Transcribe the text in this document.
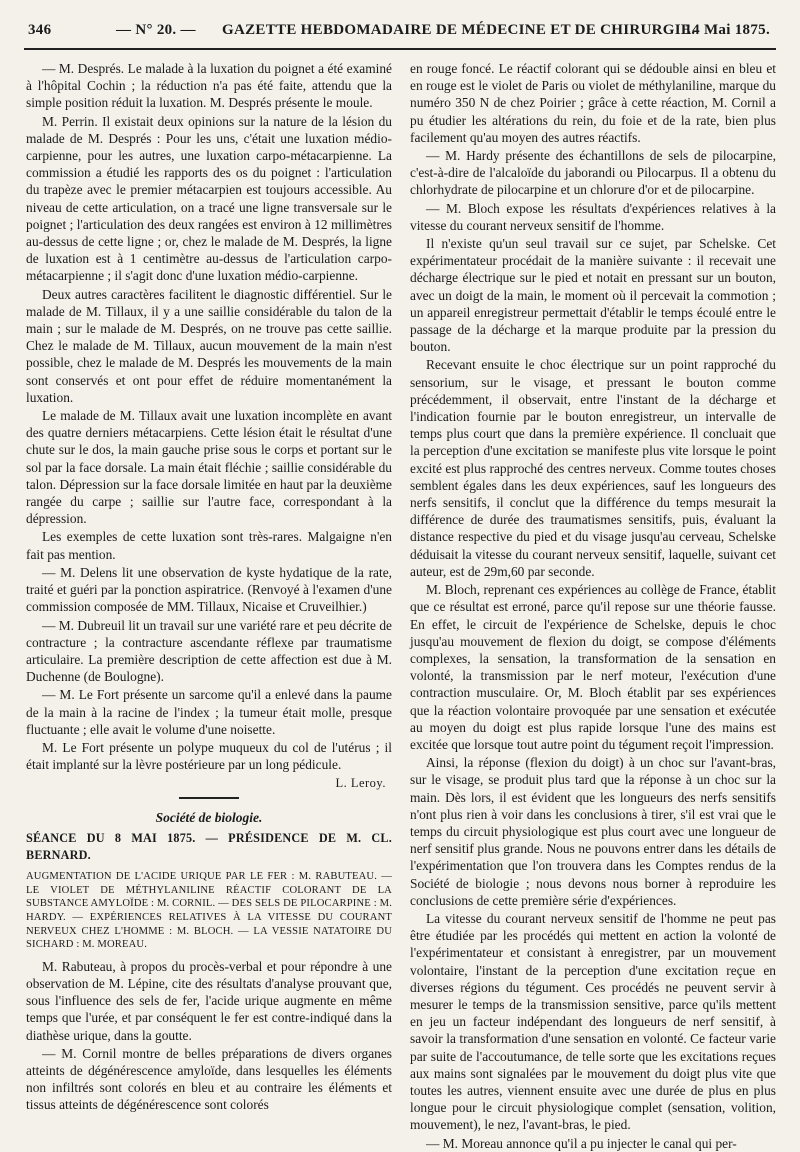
346	— N° 20. — GAZETTE HEBDOMADAIRE DE MÉDECINE ET DE CHIRURGIE.
14 Mai 1875.

— M. Després. Le malade à la luxation du poignet a été examiné à l'hôpital Cochin ; la réduction n'a pas été faite, attendu que la simple position réduit la luxation. M. Després présente le moule.

M. Perrin. Il existait deux opinions sur la nature de la lésion du malade de M. Després : Pour les uns, c'était une luxation médio-carpienne, pour les autres, une luxation carpo-métacarpienne. La commission a étudié les rapports des os du poignet : l'articulation du trapèze avec le premier métacarpien est toujours accessible. Au niveau de cette articulation, on a tracé une ligne transversale sur le poignet ; l'articulation des deux rangées est environ à 12 millimètres au-dessus de cette ligne ; or, chez le malade de M. Després, la ligne de luxation est à 1 centimètre au-dessus de l'articulation carpo-métacarpienne ; il s'agit donc d'une luxation médio-carpienne.

Deux autres caractères facilitent le diagnostic différentiel. Sur le malade de M. Tillaux, il y a une saillie considérable du talon de la main ; sur le malade de M. Després, on ne trouve pas cette saillie. Chez le malade de M. Tillaux, aucun mouvement de la main n'est possible, chez le malade de M. Després les mouvements de la main sont conservés et ont pour effet de réduire momentanément la luxation.

Le malade de M. Tillaux avait une luxation incomplète en avant des quatre derniers métacarpiens. Cette lésion était le résultat d'une chute sur le dos, la main gauche prise sous le corps et portant sur le sol par la face dorsale. La main était fléchie ; saillie considérable du talon. Dépression sur la face dorsale limitée en haut par la deuxième rangée du carpe ; saillie sur l'autre face, correspondant à la dépression.

Les exemples de cette luxation sont très-rares. Malgaigne n'en fait pas mention.

— M. Delens lit une observation de kyste hydatique de la rate, traité et guéri par la ponction aspiratrice. (Renvoyé à l'examen d'une commission composée de MM. Tillaux, Nicaise et Cruveilhier.)

— M. Dubreuil lit un travail sur une variété rare et peu décrite de contracture ; la contracture ascendante réflexe par traumatisme articulaire. La première description de cette affection est due à M. Duchenne (de Boulogne).

— M. Le Fort présente un sarcome qu'il a enlevé dans la paume de la main à la racine de l'index ; la tumeur était molle, presque fluctuante ; elle avait le volume d'une noisette.

M. Le Fort présente un polype muqueux du col de l'utérus ; il était implanté sur la lèvre postérieure par un long pédicule.

L. Leroy.

Société de biologie.

SÉANCE DU 8 MAI 1875. — PRÉSIDENCE DE M. CL. BERNARD.

AUGMENTATION DE L'ACIDE URIQUE PAR LE FER : M. RABUTEAU. — LE VIOLET DE MÉTHYLANILINE RÉACTIF COLORANT DE LA SUBSTANCE AMYLOÏDE : M. CORNIL. — DES SELS DE PILOCARPINE : M. HARDY. — EXPÉRIENCES RELATIVES À LA VITESSE DU COURANT NERVEUX CHEZ L'HOMME : M. BLOCH. — LA VESSIE NATATOIRE DU SICHARD : M. MOREAU.

M. Rabuteau, à propos du procès-verbal et pour répondre à une observation de M. Lépine, cite des résultats d'analyse prouvant que, sous l'influence des sels de fer, l'acide urique augmente en même temps que l'urée, et par conséquent le fer est contre-indiqué dans la diathèse urique, dans la goutte.

— M. Cornil montre de belles préparations de divers organes atteints de dégénérescence amyloïde, dans lesquelles les éléments non infiltrés sont colorés en bleu et au contraire les éléments et tissus atteints de dégénérescence sont colorés

en rouge foncé. Le réactif colorant qui se dédouble ainsi en bleu et en rouge est le violet de Paris ou violet de méthylaniline, marque du numéro 350 N de chez Poirier ; grâce à cette réaction, M. Cornil a pu étudier les altérations du rein, du foie et de la rate, bien plus facilement qu'au moyen des autres réactifs.

— M. Hardy présente des échantillons de sels de pilocarpine, c'est-à-dire de l'alcaloïde du jaborandi ou Pilocarpus. Il a obtenu du chlorhydrate de pilocarpine et un chlorure d'or et de pilocarpine.

— M. Bloch expose les résultats d'expériences relatives à la vitesse du courant nerveux sensitif de l'homme.

Il n'existe qu'un seul travail sur ce sujet, par Schelske. Cet expérimentateur procédait de la manière suivante : il recevait une décharge électrique sur le pied et notait en pressant sur un bouton, avec un doigt de la main, le moment où il percevait la commotion ; un appareil enregistreur permettait d'établir le temps écoulé entre le passage de la décharge et la marque produite par la pression du bouton.

Recevant ensuite le choc électrique sur un point rapproché du sensorium, sur le visage, et pressant le bouton comme précédemment, il observait, entre l'instant de la décharge et l'indication fournie par le bouton enregistreur, un intervalle de temps plus court que dans la première expérience. Il concluait que la perception d'une excitation se manifeste plus vite lorsque le point excité est plus rapproché des centres nerveux. Comme toutes choses semblent égales dans les deux expériences, sauf les longueurs des nerfs sensitifs, il conclut que la différence du temps mesurait la différence de durée des traumatismes sensitifs, puis, évaluant la distance respective du pied et du visage jusqu'au cerveau, Schelske déduisait la vitesse du courant nerveux sensitif, laquelle, suivant cet auteur, est de 29m,60 par seconde.

M. Bloch, reprenant ces expériences au collège de France, établit que ce résultat est erroné, parce qu'il repose sur une théorie fausse. En effet, le circuit de l'expérience de Schelske, depuis le choc jusqu'au mouvement de flexion du doigt, se compose d'éléments complexes, la sensation, la transformation de la sensation en volonté, la transmission par le nerf moteur, l'exécution d'une contraction musculaire. Or, M. Bloch établit par ses expériences que la réaction volontaire provoquée par une sensation et exécutée au moyen du doigt est plus rapide lorsque l'une des mains est excitée que lorsque tout autre point du tégument reçoit l'impression.

Ainsi, la réponse (flexion du doigt) à un choc sur l'avant-bras, sur le visage, se produit plus tard que la réponse à un choc sur la main. Dès lors, il est évident que les longueurs des nerfs sensitifs n'ont plus rien à voir dans les conclusions à tirer, s'il est vrai que le temps du circuit physiologique est plus court avec une longueur de nerf sensitif plus grande. Nous ne pouvons entrer dans les détails de l'expérimentation que l'on trouvera dans les Comptes rendus de la Société de biologie ; nous devons nous borner à reproduire les conclusions de cette première série d'expériences.

La vitesse du courant nerveux sensitif de l'homme ne peut pas être étudiée par les procédés qui mettent en action la volonté de l'expérimentateur et consistant à enregistrer, par un mouvement volontaire, l'instant de la perception d'une excitation reçue en diverses régions du tégument. Ces procédés ne peuvent servir à mesurer le temps de la transmission sensitive, parce qu'ils mettent en jeu un facteur indépendant des longueurs de nerf sensitif, à savoir la transformation d'une sensation en volonté. Ce facteur varie par suite de l'accoutumance, de telle sorte que les excitations reçues aux mains sont signalées par le mouvement du doigt plus vite que toutes les autres, viennent ensuite avec une durée de plus en plus longue pour le circuit physiologique complet (sensation, volition, mouvement), le nez, l'avant-bras, le pied.

— M. Moreau annonce qu'il a pu injecter le canal qui per-
